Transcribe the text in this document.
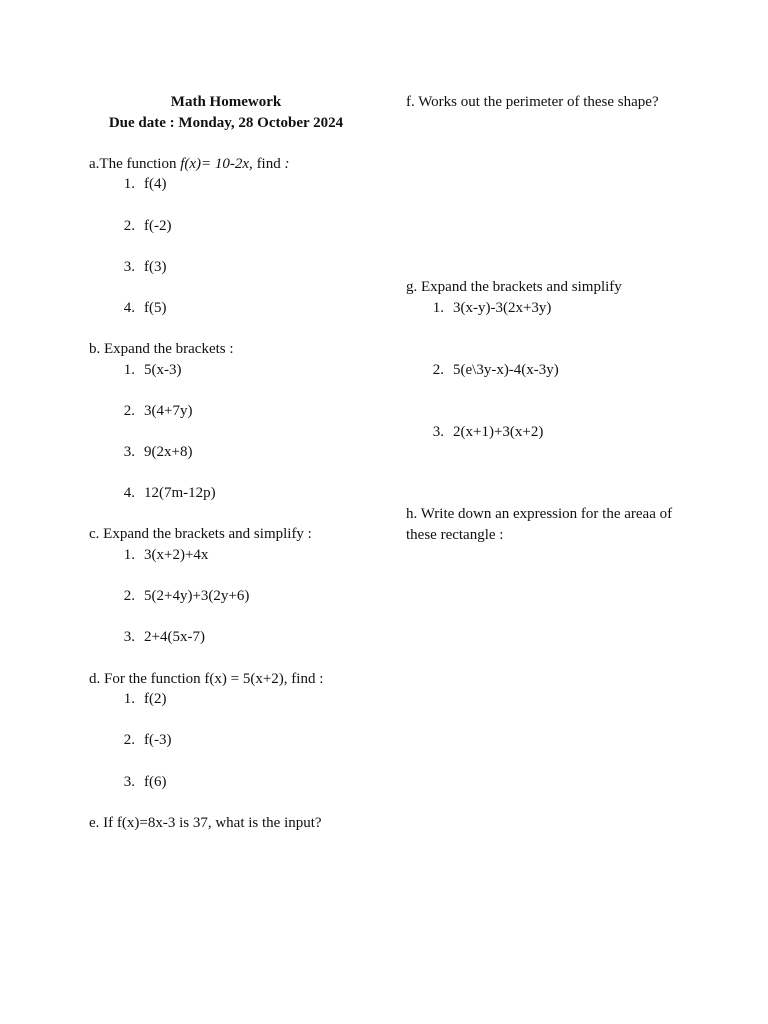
Math Homework
Due date : Monday, 28 October 2024
a.The function f(x)= 10-2x, find :
1. f(4)
2. f(-2)
3. f(3)
4. f(5)
b. Expand the brackets :
1. 5(x-3)
2. 3(4+7y)
3. 9(2x+8)
4. 12(7m-12p)
c. Expand the brackets and simplify :
1. 3(x+2)+4x
2. 5(2+4y)+3(2y+6)
3. 2+4(5x-7)
d. For the function f(x) = 5(x+2), find :
1. f(2)
2. f(-3)
3. f(6)
e. If f(x)=8x-3 is 37, what is the input?
f. Works out the perimeter of these shape?
g. Expand the brackets and simplify
1. 3(x-y)-3(2x+3y)
2. 5(e\3y-x)-4(x-3y)
3. 2(x+1)+3(x+2)
h. Write down an expression for the areaa of these rectangle :
